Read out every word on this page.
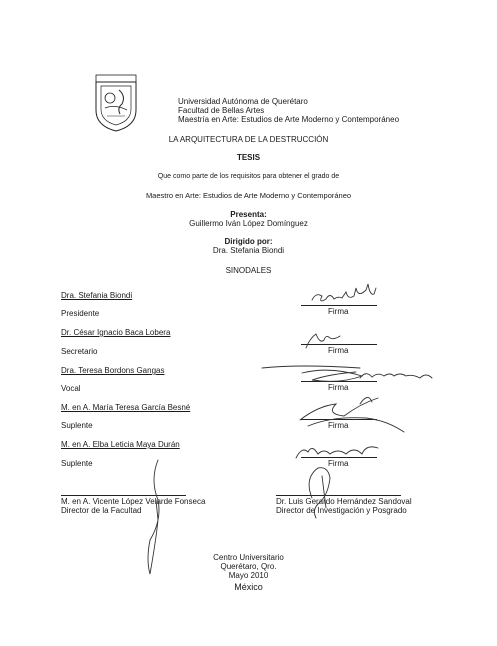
Universidad Autónoma de Querétaro
Facultad de Bellas Artes
Maestría en Arte: Estudios de Arte Moderno y Contemporáneo
LA ARQUITECTURA DE LA DESTRUCCIÓN
TESIS
Que como parte de los requisitos para obtener el grado de
Maestro en Arte: Estudios de Arte Moderno y Contemporáneo
Presenta:
Guillermo Iván López Domínguez
Dirigido por:
Dra. Stefania Biondi
SINODALES
Dra. Stefania Biondi
Presidente	Firma
Dr. César Ignacio Baca Lobera
Secretario	Firma
Dra. Teresa Bordons Gangas
Vocal	Firma
M. en A. María Teresa García Besné
Suplente	Firma
M. en A. Elba Leticia Maya Durán
Suplente	Firma
M. en A. Vicente López Velarde Fonseca
Director de la Facultad
Dr. Luis Gerardo Hernández Sandoval
Director de Investigación y Posgrado
Centro Universitario
Querétaro, Qro.
Mayo 2010
México
